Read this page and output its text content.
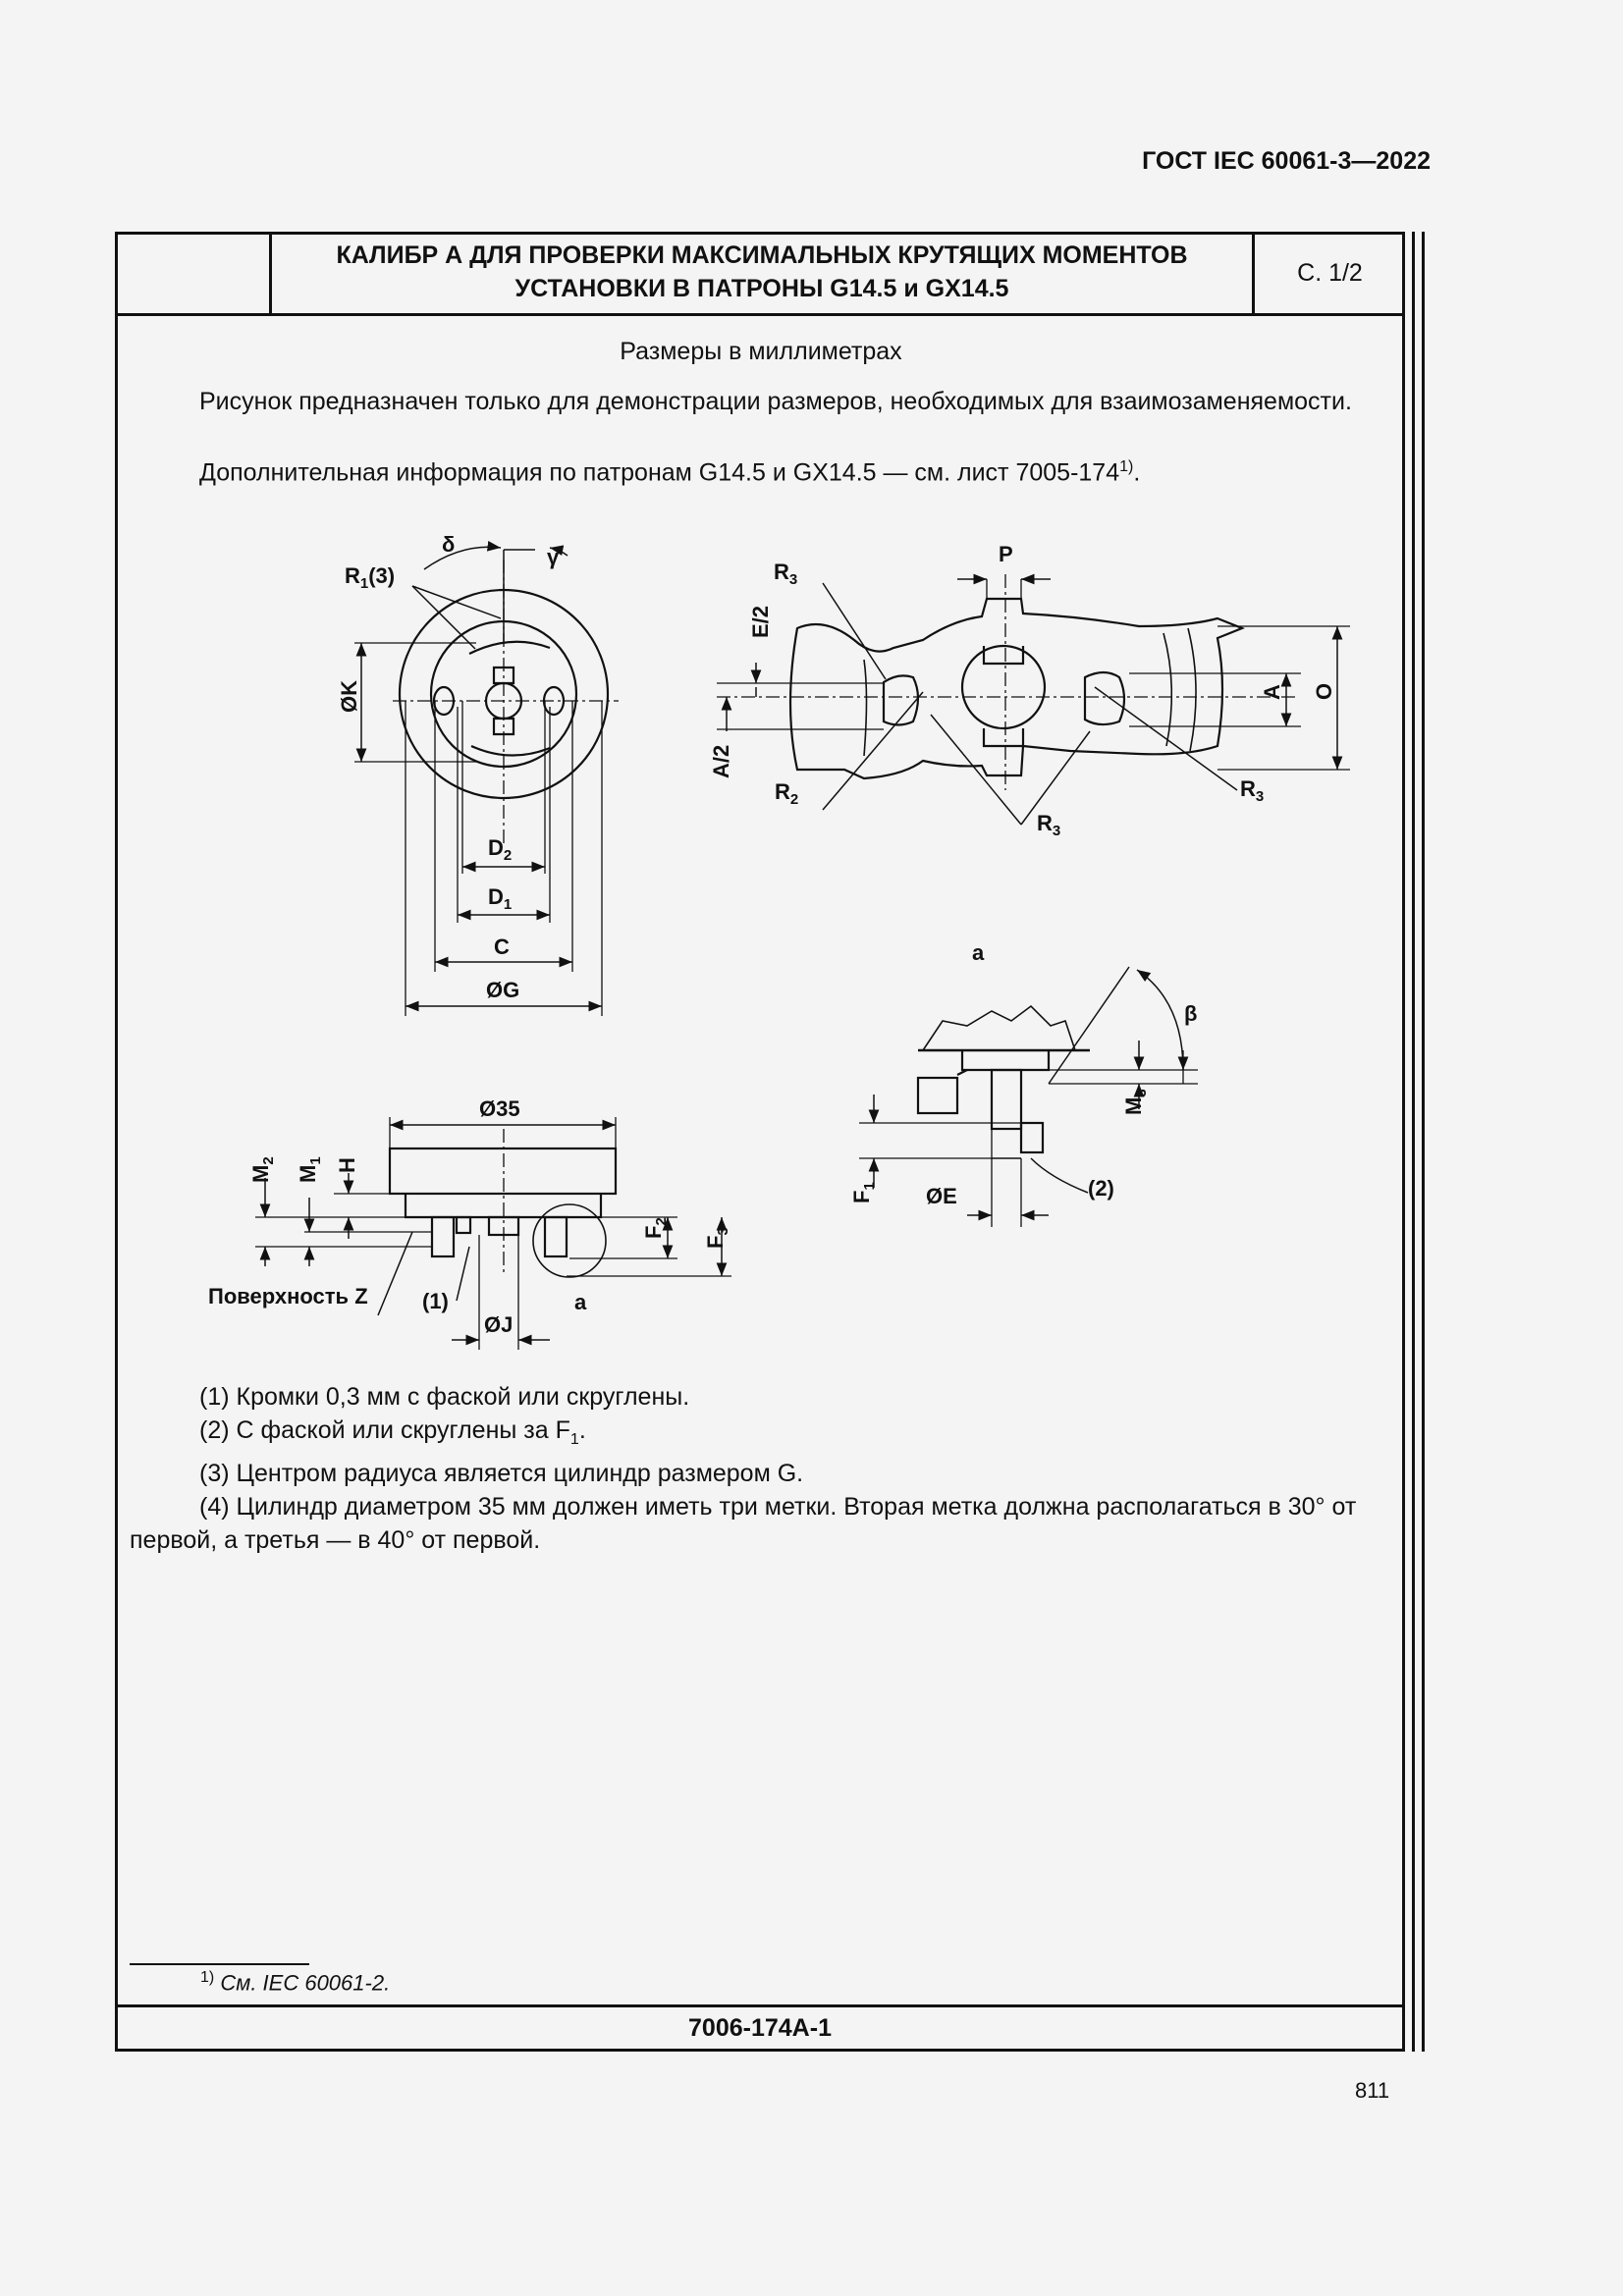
ГОСТ IEC 60061-3—2022
КАЛИБР А ДЛЯ ПРОВЕРКИ МАКСИМАЛЬНЫХ КРУТЯЩИХ МОМЕНТОВ
УСТАНОВКИ В ПАТРОНЫ G14.5 и GX14.5
С. 1/2
Размеры в миллиметрах
Рисунок предназначен только для демонстрации размеров, необходимых для взаимозаменяемости.
Дополнительная информация по патронам G14.5 и GX14.5 — см. лист 7005-174$^{1)}$.
$R_1(3)$
δ
γ
ØK
$D_2$
$D_1$
C
ØG
$R_3$
P
E/2
A/2
$R_2$
$R_3$
$R_3$
A O
Ø35
$M_2$
$M_1$ H
$F_2$
$F_3$
Поверхность Z	(1)
ØJ
a
a
β
$M_3$
$F_1$ ØE	(2)
(1) Кромки 0,3 мм с фаской или скруглены.
(2) С фаской или скруглены за $F_1$.
(3) Центром радиуса является цилиндр размером G.
(4) Цилиндр диаметром 35 мм должен иметь три метки. Вторая метка должна располагаться в 30° от первой, а третья — в 40° от первой.
$^{1)}$ См. IEC 60061-2.
7006-174A-1
811
